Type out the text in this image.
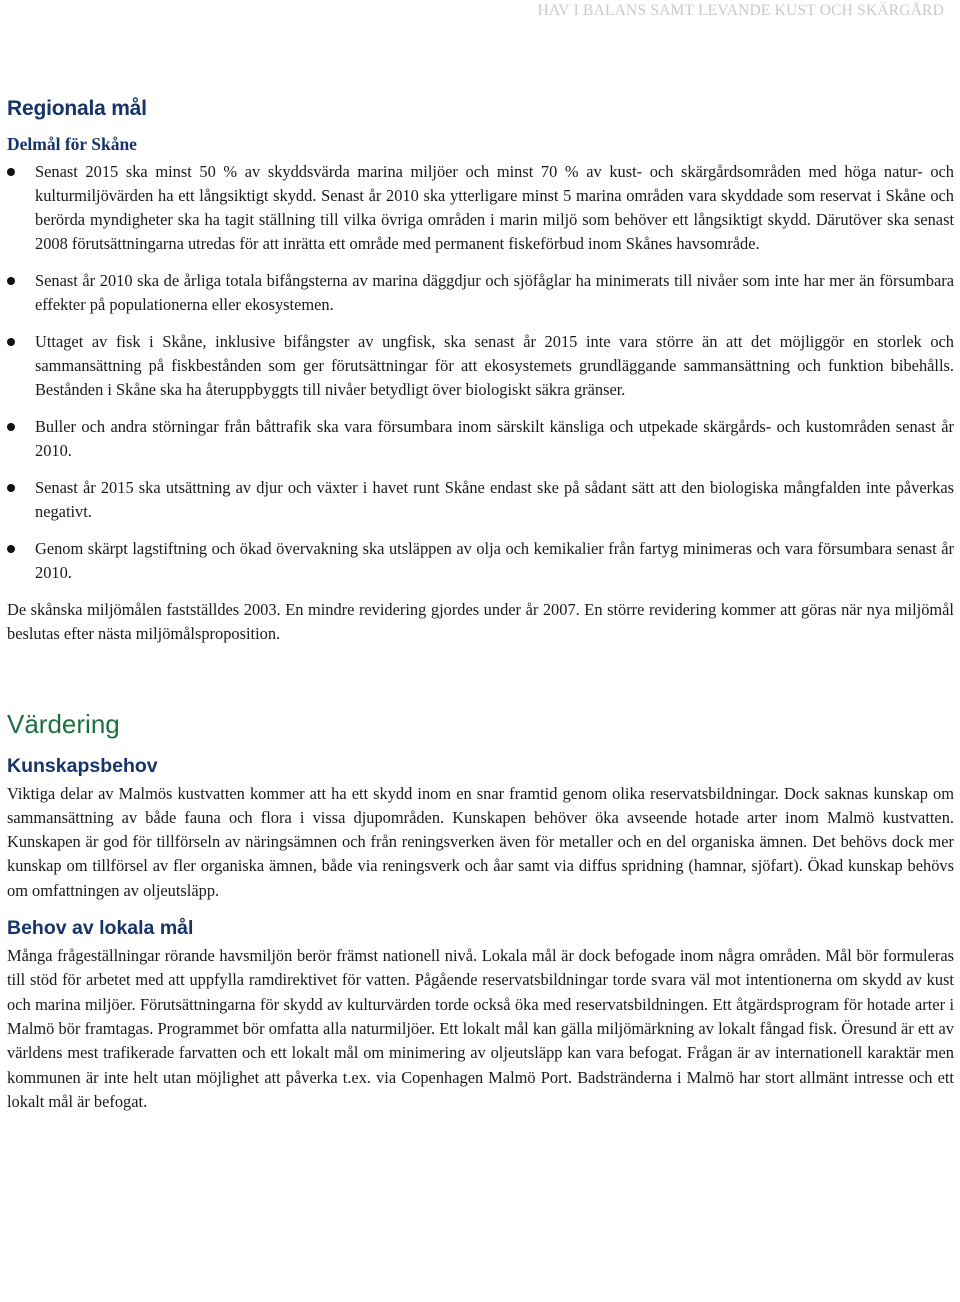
HAV I BALANS SAMT LEVANDE KUST OCH SKÄRGÅRD
Regionala mål
Delmål för Skåne
Senast 2015 ska minst 50 % av skyddsvärda marina miljöer och minst 70 % av kust- och skärgårdsområden med höga natur- och kulturmiljövärden ha ett långsiktigt skydd. Senast år 2010 ska ytterligare minst 5 marina områden vara skyddade som reservat i Skåne och berörda myndigheter ska ha tagit ställning till vilka övriga områden i marin miljö som behöver ett långsiktigt skydd. Därutöver ska senast 2008 förutsättningarna utredas för att inrätta ett område med permanent fiskeförbud inom Skånes havsområde.
Senast år 2010 ska de årliga totala bifångsterna av marina däggdjur och sjöfåglar ha minimerats till nivåer som inte har mer än försumbara effekter på populationerna eller ekosystemen.
Uttaget av fisk i Skåne, inklusive bifångster av ungfisk, ska senast år 2015 inte vara större än att det möjliggör en storlek och sammansättning på fiskbestånden som ger förutsättningar för att ekosystemets grundläggande sammansättning och funktion bibehålls. Bestånden i Skåne ska ha återuppbyggts till nivåer betydligt över biologiskt säkra gränser.
Buller och andra störningar från båttrafik ska vara försumbara inom särskilt känsliga och utpekade skärgårds- och kustområden senast år 2010.
Senast år 2015 ska utsättning av djur och växter i havet runt Skåne endast ske på sådant sätt att den biologiska mångfalden inte påverkas negativt.
Genom skärpt lagstiftning och ökad övervakning ska utsläppen av olja och kemikalier från fartyg minimeras och vara försumbara senast år 2010.

De skånska miljömålen fastställdes 2003. En mindre revidering gjordes under år 2007. En större revidering kommer att göras när nya miljömål beslutas efter nästa miljömålsproposition.

Värdering
Kunskapsbehov

Viktiga delar av Malmös kustvatten kommer att ha ett skydd inom en snar framtid genom olika reservatsbildningar. Dock saknas kunskap om sammansättning av både fauna och flora i vissa djupområden. Kunskapen behöver öka avseende hotade arter inom Malmö kustvatten. Kunskapen är god för tillförseln av näringsämnen och från reningsverken även för metaller och en del organiska ämnen. Det behövs dock mer kunskap om tillförsel av fler organiska ämnen, både via reningsverk och åar samt via diffus spridning (hamnar, sjöfart). Ökad kunskap behövs om omfattningen av oljeutsläpp.

Behov av lokala mål

Många frågeställningar rörande havsmiljön berör främst nationell nivå. Lokala mål är dock befogade inom några områden. Mål bör formuleras till stöd för arbetet med att uppfylla ramdirektivet för vatten. Pågående reservatsbildningar torde svara väl mot intentionerna om skydd av kust och marina miljöer. Förutsättningarna för skydd av kulturvärden torde också öka med reservatsbildningen. Ett åtgärdsprogram för hotade arter i Malmö bör framtagas. Programmet bör omfatta alla naturmiljöer. Ett lokalt mål kan gälla miljömärkning av lokalt fångad fisk. Öresund är ett av världens mest trafikerade farvatten och ett lokalt mål om minimering av oljeutsläpp kan vara befogat. Frågan är av internationell karaktär men kommunen är inte helt utan möjlighet att påverka t.ex. via Copenhagen Malmö Port. Badstränderna i Malmö har stort allmänt intresse och ett lokalt mål är befogat.
